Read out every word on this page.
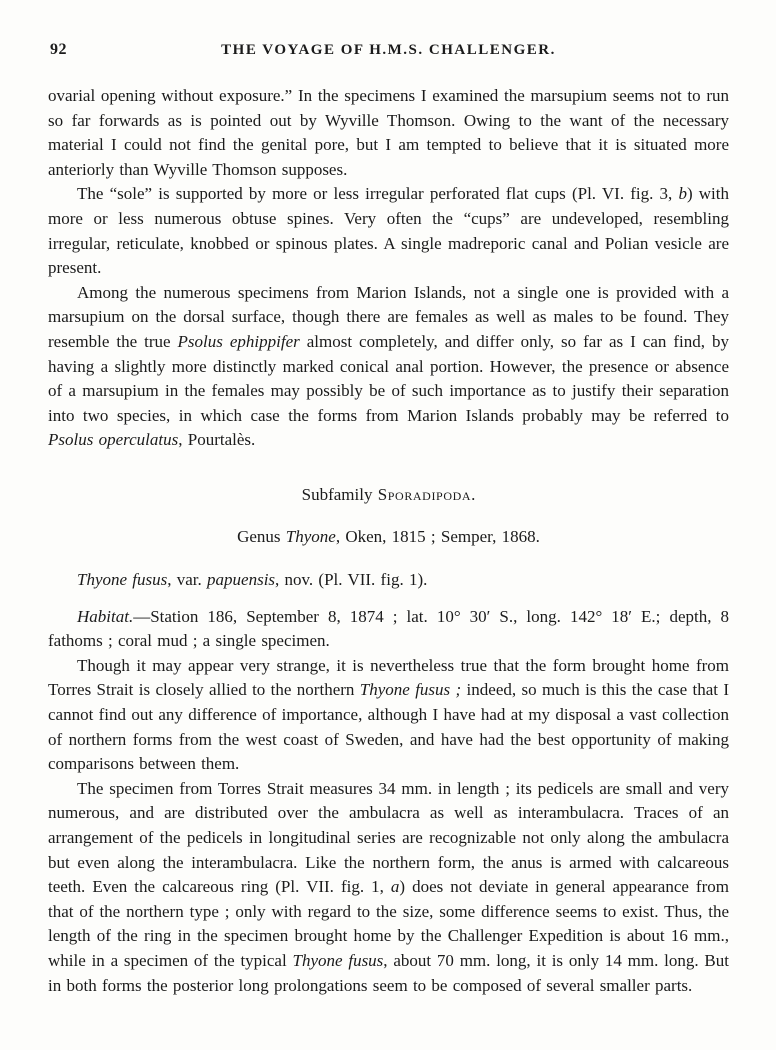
92	THE VOYAGE OF H.M.S. CHALLENGER.

ovarial opening without exposure.” In the specimens I examined the marsupium seems not to run so far forwards as is pointed out by Wyville Thomson. Owing to the want of the necessary material I could not find the genital pore, but I am tempted to believe that it is situated more anteriorly than Wyville Thomson supposes.

The “sole” is supported by more or less irregular perforated flat cups (Pl. VI. fig. 3, b) with more or less numerous obtuse spines. Very often the “cups” are undeveloped, resembling irregular, reticulate, knobbed or spinous plates. A single madreporic canal and Polian vesicle are present.

Among the numerous specimens from Marion Islands, not a single one is provided with a marsupium on the dorsal surface, though there are females as well as males to be found. They resemble the true Psolus ephippifer almost completely, and differ only, so far as I can find, by having a slightly more distinctly marked conical anal portion. However, the presence or absence of a marsupium in the females may possibly be of such importance as to justify their separation into two species, in which case the forms from Marion Islands probably may be referred to Psolus operculatus, Pourtalès.

Subfamily Sporadipoda.

Genus Thyone, Oken, 1815 ; Semper, 1868.

Thyone fusus, var. papuensis, nov. (Pl. VII. fig. 1).

Habitat.—Station 186, September 8, 1874 ; lat. 10° 30′ S., long. 142° 18′ E.; depth, 8 fathoms ; coral mud ; a single specimen.

Though it may appear very strange, it is nevertheless true that the form brought home from Torres Strait is closely allied to the northern Thyone fusus ; indeed, so much is this the case that I cannot find out any difference of importance, although I have had at my disposal a vast collection of northern forms from the west coast of Sweden, and have had the best opportunity of making comparisons between them.

The specimen from Torres Strait measures 34 mm. in length ; its pedicels are small and very numerous, and are distributed over the ambulacra as well as interambulacra. Traces of an arrangement of the pedicels in longitudinal series are recognizable not only along the ambulacra but even along the interambulacra. Like the northern form, the anus is armed with calcareous teeth. Even the calcareous ring (Pl. VII. fig. 1, a) does not deviate in general appearance from that of the northern type ; only with regard to the size, some difference seems to exist. Thus, the length of the ring in the specimen brought home by the Challenger Expedition is about 16 mm., while in a specimen of the typical Thyone fusus, about 70 mm. long, it is only 14 mm. long. But in both forms the posterior long prolongations seem to be composed of several smaller parts.
